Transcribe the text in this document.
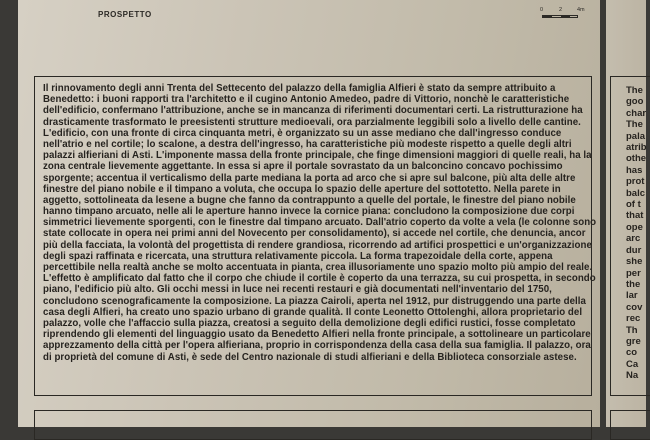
PROSPETTO	0	2	4m
Il rinnovamento degli anni Trenta del Settecento del palazzo della famiglia Alfieri è stato da sempre attribuito a
Benedetto: i buoni rapporti tra l'architetto e il cugino Antonio Amedeo, padre di Vittorio, nonchè le caratteristiche
dell'edificio, confermano l'attribuzione, anche se in mancanza di riferimenti documentari certi. La ristrutturazione ha
drasticamente trasformato le preesistenti strutture medioevali, ora parzialmente leggibili solo a livello delle cantine.
L'edificio, con una fronte di circa cinquanta metri, è organizzato su un asse mediano che dall'ingresso conduce
nell'atrio e nel cortile; lo scalone, a destra dell'ingresso, ha caratteristiche più modeste rispetto a quelle degli altri
palazzi alfieriani di Asti. L'imponente massa della fronte principale, che finge dimensioni maggiori di quelle reali, ha la
zona centrale lievemente aggettante. In essa si apre il portale sovrastato da un balconcino concavo pochissimo
sporgente; accentua il verticalismo della parte mediana la porta ad arco che si apre sul balcone, più alta delle altre
finestre del piano nobile e il timpano a voluta, che occupa lo spazio delle aperture del sottotetto. Nella parete in
aggetto, sottolineata da lesene a bugne che fanno da contrappunto a quelle del portale, le finestre del piano nobile
hanno timpano arcuato, nelle ali le aperture hanno invece la cornice piana: concludono la composizione due corpi
simmetrici lievemente sporgenti, con le finestre dal timpano arcuato. Dall'atrio coperto da volte a vela (le colonne sono
state collocate in opera nei primi anni del Novecento per consolidamento), si accede nel cortile, che denuncia, ancor
più della facciata, la volontà del progettista di rendere grandiosa, ricorrendo ad artifici prospettici e un'organizzazione
degli spazi raffinata e ricercata, una struttura relativamente piccola. La forma trapezoidale della corte, appena
percettibile nella realtà anche se molto accentuata in pianta, crea illusoriamente uno spazio molto più ampio del reale.
L'effetto è amplificato dal fatto che il corpo che chiude il cortile è coperto da una terrazza, su cui prospetta, in secondo
piano, l'edificio più alto. Gli occhi messi in luce nei recenti restauri e già documentati nell'inventario del 1750,
concludono scenograficamente la composizione. La piazza Cairoli, aperta nel 1912, pur distruggendo una parte della
casa degli Alfieri, ha creato uno spazio urbano di grande qualità. Il conte Leonetto Ottolenghi, allora proprietario del
palazzo, volle che l'affaccio sulla piazza, creatosi a seguito della demolizione degli edifici rustici, fosse completato
riprendendo gli elementi del linguaggio usato da Benedetto Alfieri nella fronte principale, a sottolineare un particolare
apprezzamento della città per l'opera alfieriana, proprio in corrispondenza della casa della sua famiglia. Il palazzo, ora
di proprietà del comune di Asti, è sede del Centro nazionale di studi alfieriani e della Biblioteca consorziale astese.
The
goo
char
The
pala
atrib
othe
has
prot
balc
of t
that
ope
arc
dur
she
per
the
lar
cov
rec
Th
gre
co
Ca
Na
